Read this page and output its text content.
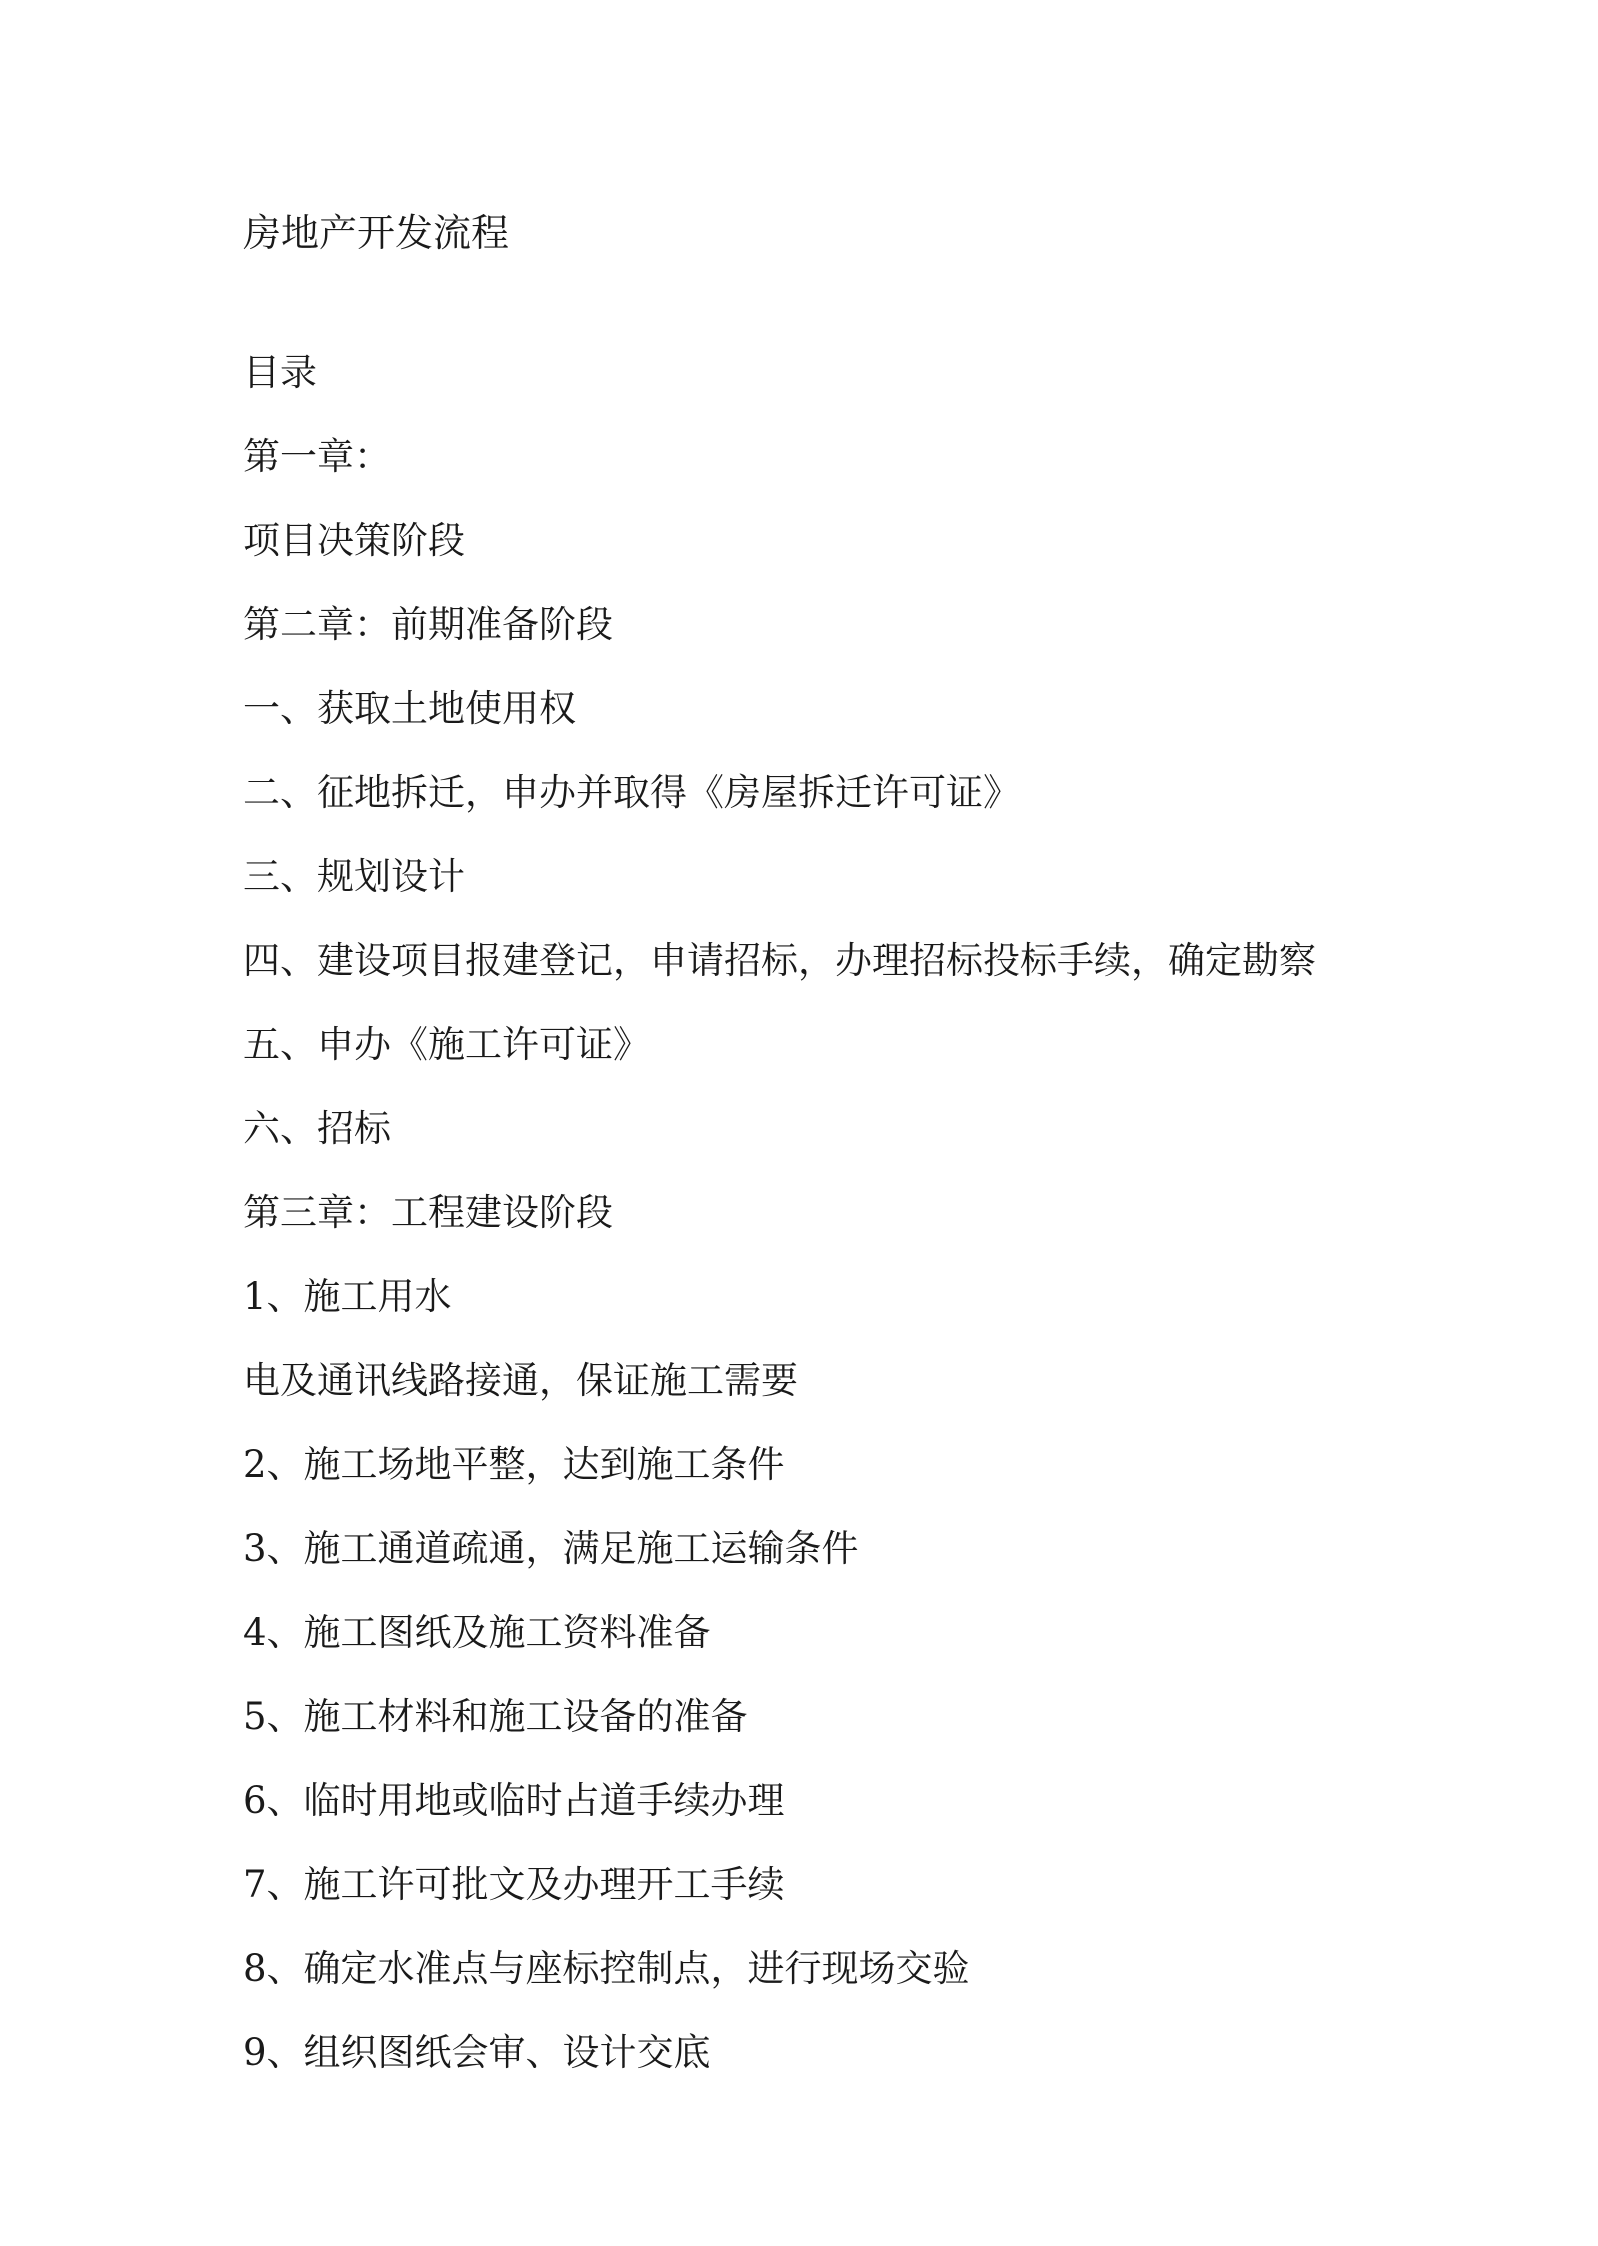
房地产开发流程
目录
第一章：
项目决策阶段
第二章：前期准备阶段
一、获取土地使用权
二、征地拆迁，申办并取得《房屋拆迁许可证》
三、规划设计
四、建设项目报建登记，申请招标，办理招标投标手续，确定勘察
五、申办《施工许可证》
六、招标
第三章：工程建设阶段
1、施工用水
电及通讯线路接通，保证施工需要
2、施工场地平整，达到施工条件
3、施工通道疏通，满足施工运输条件
4、施工图纸及施工资料准备
5、施工材料和施工设备的准备
6、临时用地或临时占道手续办理
7、施工许可批文及办理开工手续
8、确定水准点与座标控制点，进行现场交验
9、组织图纸会审、设计交底
